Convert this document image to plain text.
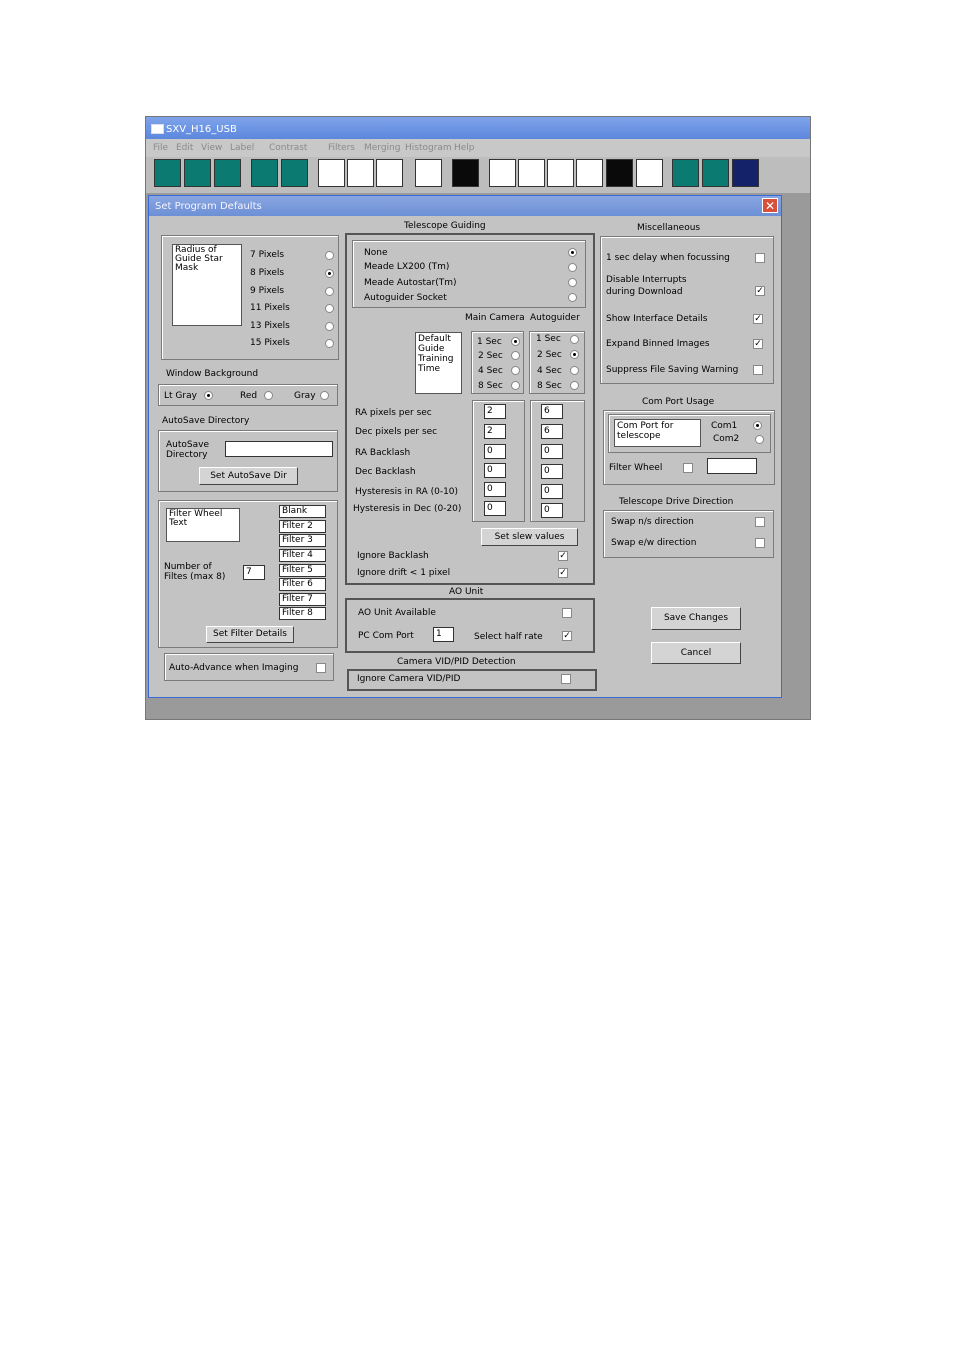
SXV_H16_USB
File Edit View Label Contrast Filters Merging Histogram Help
Set Program Defaults	✕
Radius of Guide Star Mask
7 Pixels
8 Pixels
9 Pixels
11 Pixels
13 Pixels
15 Pixels
Window Background
Lt Gray	Red	Gray
AutoSave Directory
AutoSave Directory
Set AutoSave Dir
Filter Wheel Text
Number of Filtes (max 8)	7
Blank
Filter 2
Filter 3
Filter 4
Filter 5
Filter 6
Filter 7
Filter 8
Set Filter Details
Auto-Advance when Imaging
Telescope Guiding
None
Meade LX200 (Tm)
Meade Autostar(Tm)
Autoguider Socket
Main Camera Autoguider
Default Guide Training Time
1 Sec
2 Sec
4 Sec
8 Sec
1 Sec
2 Sec
4 Sec
8 Sec
RA pixels per sec	2	6
Dec pixels per sec	2	6
RA Backlash	0	0
Dec Backlash	0	0
Hysteresis in RA (0-10)	0	0
Hysteresis in Dec (0-20)	0	0
Set slew values
Ignore Backlash	✓
Ignore drift < 1 pixel	✓
AO Unit
AO Unit Available
PC Com Port	1	Select half rate ✓
Camera VID/PID Detection
Ignore Camera VID/PID
Miscellaneous
1 sec delay when focussing
Disable Interrupts during Download	✓
Show Interface Details	✓
Expand Binned Images	✓
Suppress File Saving Warning
Com Port Usage
Com Port for telescope
Com1
Com2
Filter Wheel
Telescope Drive Direction
Swap n/s direction
Swap e/w direction
Save Changes
Cancel
